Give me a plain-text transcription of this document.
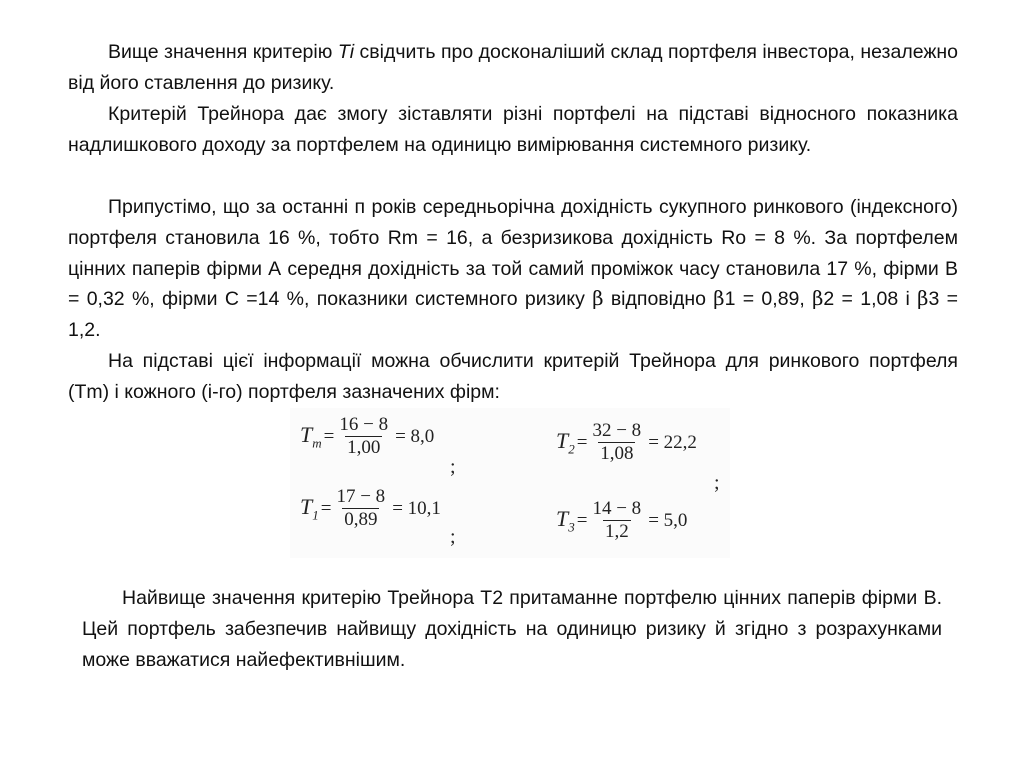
Вище значення критерію Ті свідчить про досконаліший склад портфеля інвестора, незалежно від його ставлення до ризику.

Критерій Трейнора дає змогу зіставляти різні портфелі на підставі відносного показника надлишкового доходу за портфелем на одиницю вимірювання системного ризику.

Припустімо, що за останні п років середньорічна дохідність сукупного ринкового (індексного) портфеля становила 16 %, тобто Rm = 16, а безризикова дохідність Ro = 8 %. За портфелем цінних паперів фірми А середня дохідність за той самий проміжок часу становила 17 %, фірми В = 0,32 %, фірми С =14 %, показники системного ризику β відповідно β1 = 0,89, β2 = 1,08 і β3 = 1,2.

На підставі цієї інформації можна обчислити критерій Трейнора для ринкового портфеля (Tm) і кожного (і-го) портфеля зазначених фірм:

$T_m = \frac{16 - 8}{1,00} = 8,0$
;
$T_2 = \frac{32 - 8}{1,08} = 22,2$
;
$T_1 = \frac{17 - 8}{0,89} = 10,1$
;
$T_3 = \frac{14 - 8}{1,2} = 5,0$

Найвище значення критерію Трейнора Т2 притаманне портфелю цінних паперів фірми В. Цей портфель забезпечив найвищу дохідність на одиницю ризику й згідно з розрахунками може вважатися найефективнішим.
